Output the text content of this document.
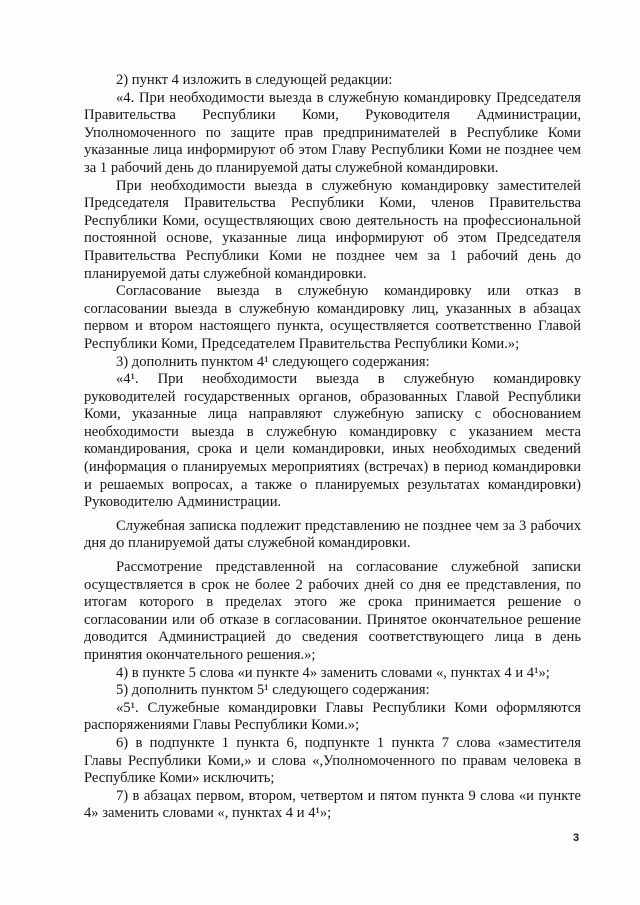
2) пункт 4 изложить в следующей редакции:

«4. При необходимости выезда в служебную командировку Председателя Правительства Республики Коми, Руководителя Администрации, Уполномоченного по защите прав предпринимателей в Республике Коми указанные лица информируют об этом Главу Республики Коми не позднее чем за 1 рабочий день до планируемой даты служебной командировки.

При необходимости выезда в служебную командировку заместителей Председателя Правительства Республики Коми, членов Правительства Республики Коми, осуществляющих свою деятельность на профессиональной постоянной основе, указанные лица информируют об этом Председателя Правительства Республики Коми не позднее чем за 1 рабочий день до планируемой даты служебной командировки.

Согласование выезда в служебную командировку или отказ в согласовании выезда в служебную командировку лиц, указанных в абзацах первом и втором настоящего пункта, осуществляется соответственно Главой Республики Коми, Председателем Правительства Республики Коми.»;

3) дополнить пунктом 4¹ следующего содержания:

«4¹. При необходимости выезда в служебную командировку руководителей государственных органов, образованных Главой Республики Коми, указанные лица направляют служебную записку с обоснованием необходимости выезда в служебную командировку с указанием места командирования, срока и цели командировки, иных необходимых сведений (информация о планируемых мероприятиях (встречах) в период командировки и решаемых вопросах, а также о планируемых результатах командировки) Руководителю Администрации.

Служебная записка подлежит представлению не позднее чем за 3 рабочих дня до планируемой даты служебной командировки.

Рассмотрение представленной на согласование служебной записки осуществляется в срок не более 2 рабочих дней со дня ее представления, по итогам которого в пределах этого же срока принимается решение о согласовании или об отказе в согласовании. Принятое окончательное решение доводится Администрацией до сведения соответствующего лица в день принятия окончательного решения.»;

4) в пункте 5 слова «и пункте 4» заменить словами «, пунктах 4 и 4¹»;

5) дополнить пунктом 5¹ следующего содержания:

«5¹. Служебные командировки Главы Республики Коми оформляются распоряжениями Главы Республики Коми.»;

6) в подпункте 1 пункта 6, подпункте 1 пункта 7 слова «заместителя Главы Республики Коми,» и слова «,Уполномоченного по правам человека в Республике Коми» исключить;

7) в абзацах первом, втором, четвертом и пятом пункта 9 слова «и пункте 4» заменить словами «, пунктах 4 и 4¹»;

3
